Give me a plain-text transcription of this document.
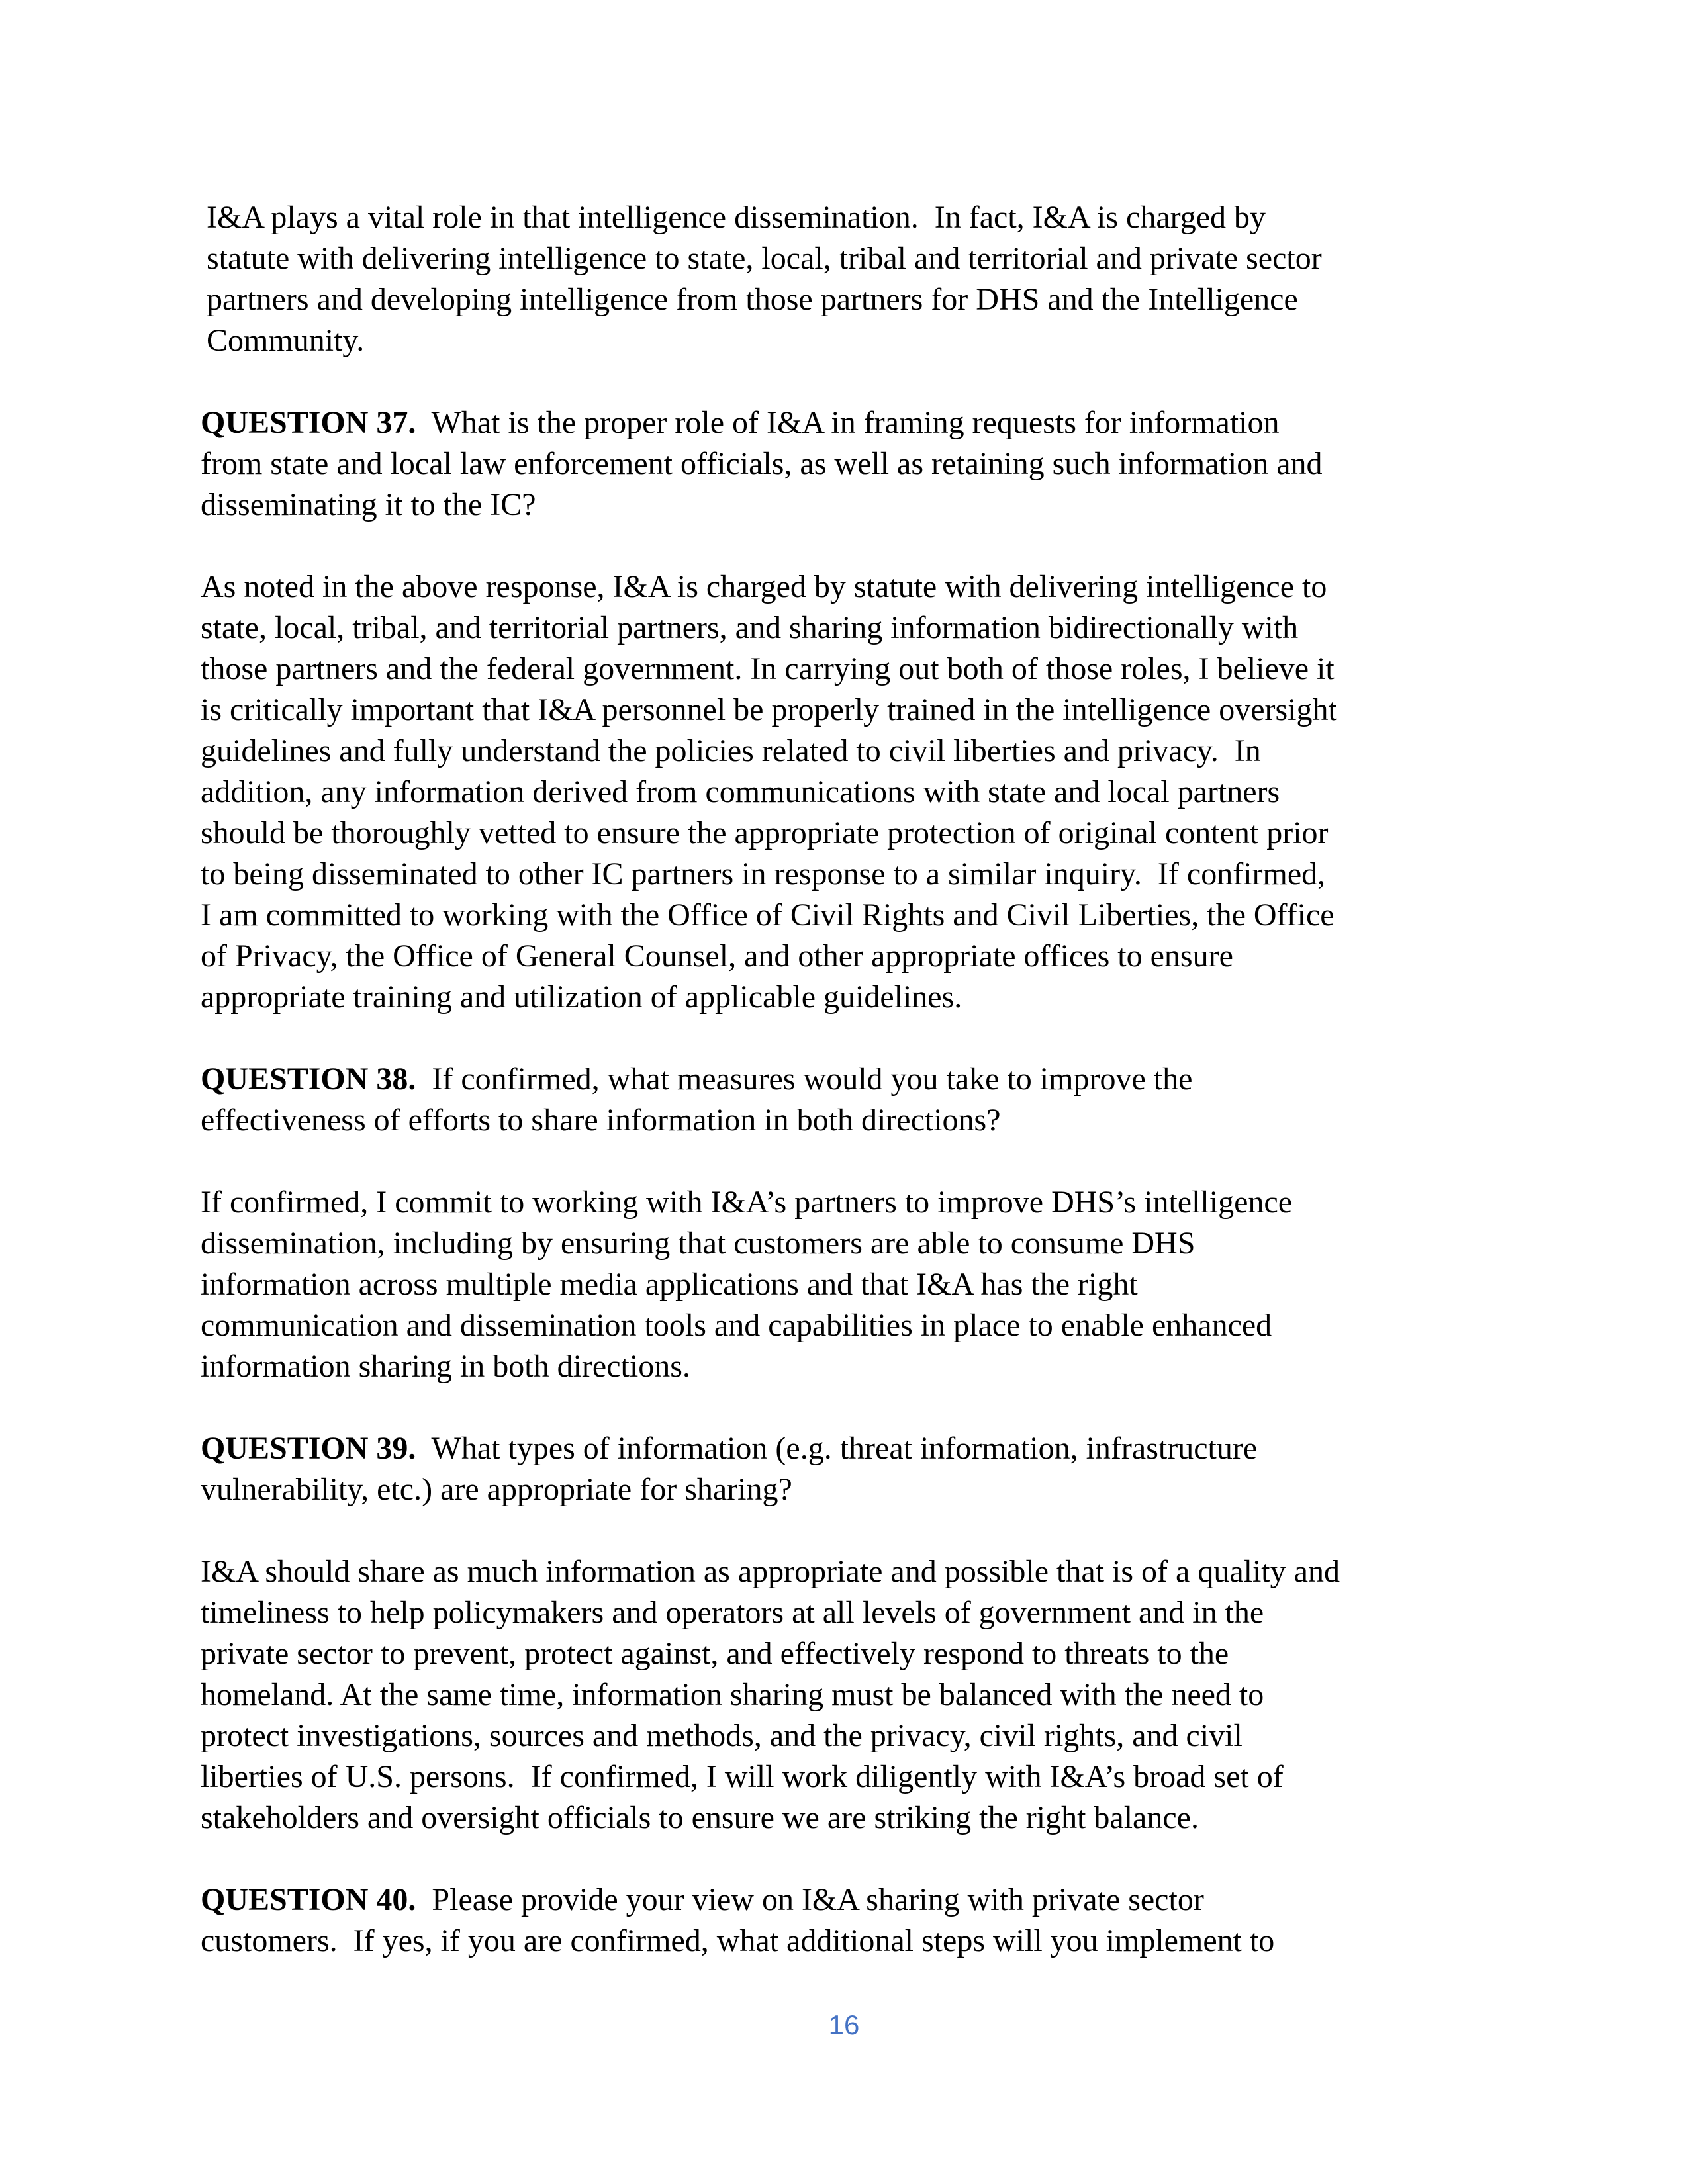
I&A plays a vital role in that intelligence dissemination.  In fact, I&A is charged by
statute with delivering intelligence to state, local, tribal and territorial and private sector
partners and developing intelligence from those partners for DHS and the Intelligence
Community.
QUESTION 37.  What is the proper role of I&A in framing requests for information
from state and local law enforcement officials, as well as retaining such information and
disseminating it to the IC?
As noted in the above response, I&A is charged by statute with delivering intelligence to
state, local, tribal, and territorial partners, and sharing information bidirectionally with
those partners and the federal government. In carrying out both of those roles, I believe it
is critically important that I&A personnel be properly trained in the intelligence oversight
guidelines and fully understand the policies related to civil liberties and privacy.  In
addition, any information derived from communications with state and local partners
should be thoroughly vetted to ensure the appropriate protection of original content prior
to being disseminated to other IC partners in response to a similar inquiry.  If confirmed,
I am committed to working with the Office of Civil Rights and Civil Liberties, the Office
of Privacy, the Office of General Counsel, and other appropriate offices to ensure
appropriate training and utilization of applicable guidelines.
QUESTION 38.  If confirmed, what measures would you take to improve the
effectiveness of efforts to share information in both directions?
If confirmed, I commit to working with I&A’s partners to improve DHS’s intelligence
dissemination, including by ensuring that customers are able to consume DHS
information across multiple media applications and that I&A has the right
communication and dissemination tools and capabilities in place to enable enhanced
information sharing in both directions.
QUESTION 39.  What types of information (e.g. threat information, infrastructure
vulnerability, etc.) are appropriate for sharing?
I&A should share as much information as appropriate and possible that is of a quality and
timeliness to help policymakers and operators at all levels of government and in the
private sector to prevent, protect against, and effectively respond to threats to the
homeland. At the same time, information sharing must be balanced with the need to
protect investigations, sources and methods, and the privacy, civil rights, and civil
liberties of U.S. persons.  If confirmed, I will work diligently with I&A’s broad set of
stakeholders and oversight officials to ensure we are striking the right balance.
QUESTION 40.  Please provide your view on I&A sharing with private sector
customers.  If yes, if you are confirmed, what additional steps will you implement to
16
